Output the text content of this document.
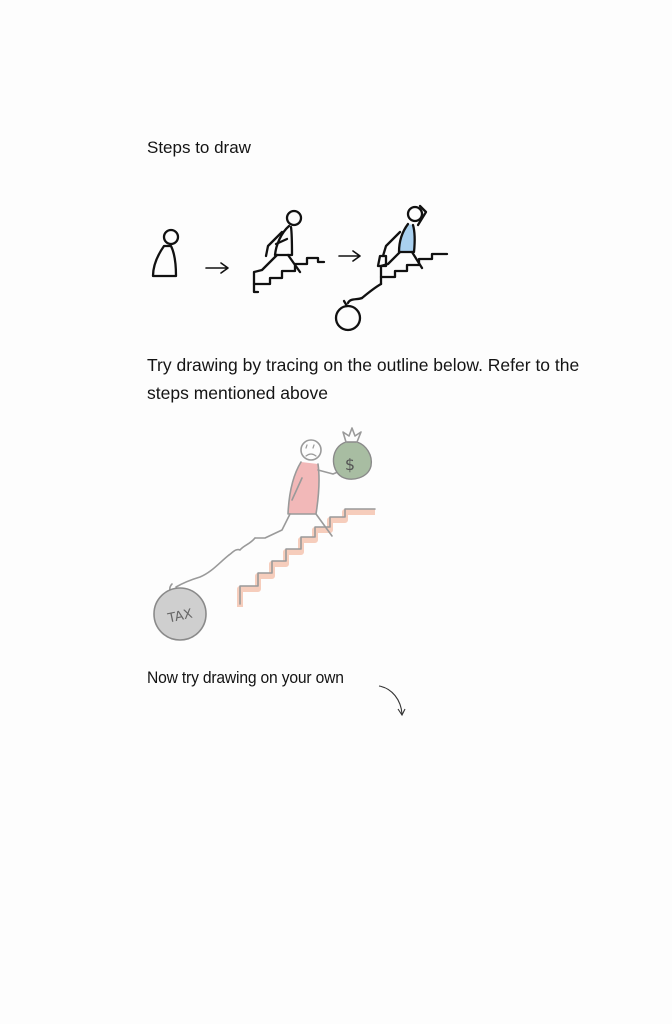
Steps to draw

Try drawing by tracing on the outline below. Refer to the steps mentioned above

$
TAX

Now try drawing on your own
